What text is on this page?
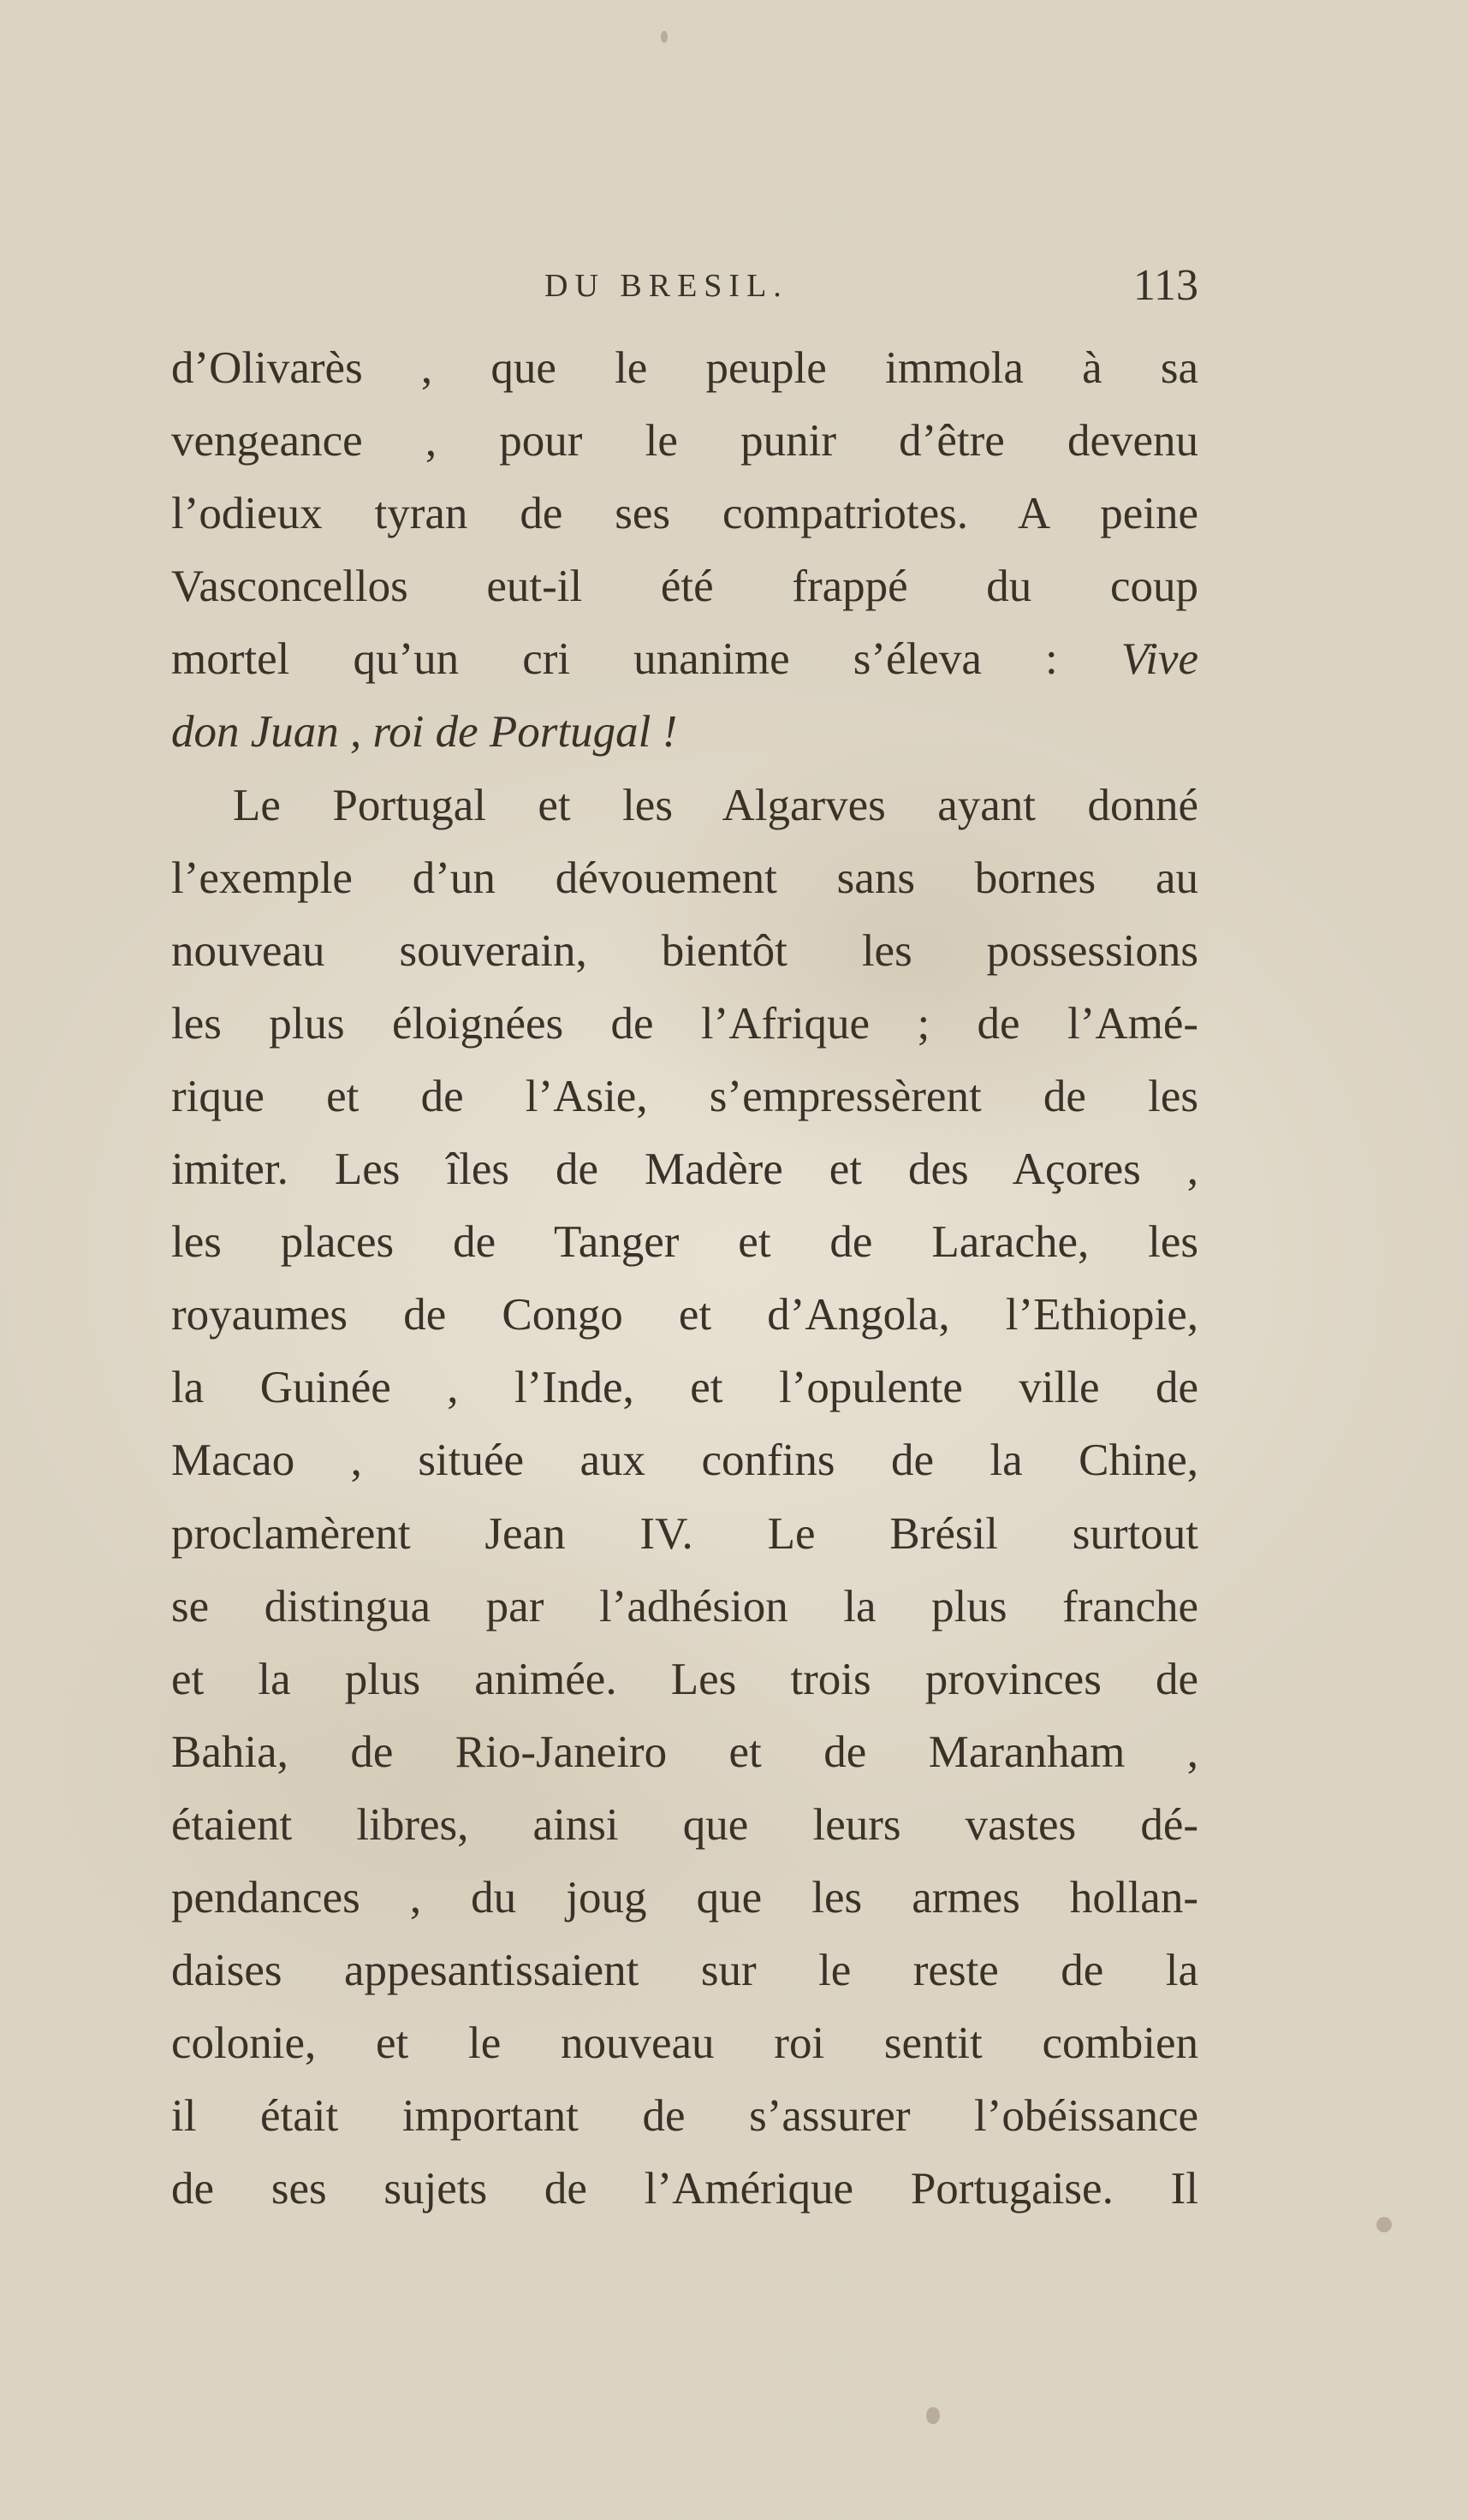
DU BRESIL.	113
d’Olivarès , que le peuple immola à sa
vengeance , pour le punir d’être devenu
l’odieux tyran de ses compatriotes. A peine
Vasconcellos eut-il été frappé du coup
mortel qu’un cri unanime s’éleva : Vive
don Juan , roi de Portugal !
Le Portugal et les Algarves ayant donné
l’exemple d’un dévouement sans bornes au
nouveau souverain, bientôt les possessions
les plus éloignées de l’Afrique ; de l’Amé-
rique et de l’Asie, s’empressèrent de les
imiter. Les îles de Madère et des Açores ,
les places de Tanger et de Larache, les
royaumes de Congo et d’Angola, l’Ethiopie,
la Guinée , l’Inde, et l’opulente ville de
Macao , située aux confins de la Chine,
proclamèrent Jean IV. Le Brésil surtout
se distingua par l’adhésion la plus franche
et la plus animée. Les trois provinces de
Bahia, de Rio-Janeiro et de Maranham ,
étaient libres, ainsi que leurs vastes dé-
pendances , du joug que les armes hollan-
daises appesantissaient sur le reste de la
colonie, et le nouveau roi sentit combien
il était important de s’assurer l’obéissance
de ses sujets de l’Amérique Portugaise. Il
